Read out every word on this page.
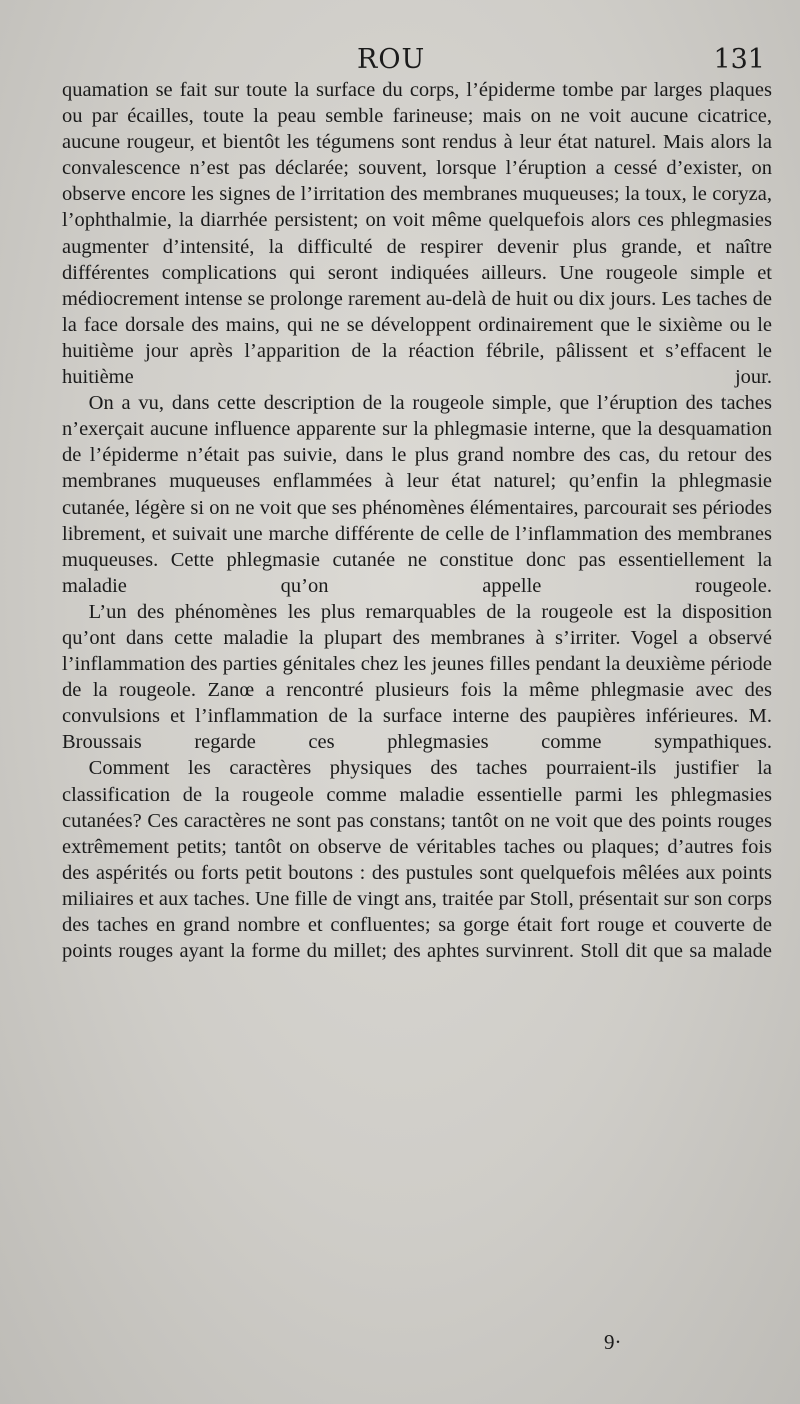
ROU	131

quamation se fait sur toute la surface du corps, l’épiderme tombe par larges plaques ou par écailles, toute la peau semble farineuse; mais on ne voit aucune cicatrice, aucune rougeur, et bientôt les tégumens sont rendus à leur état naturel. Mais alors la convalescence n’est pas déclarée; souvent, lorsque l’éruption a cessé d’exister, on observe encore les signes de l’irritation des membranes muqueuses; la toux, le coryza, l’ophthalmie, la diarrhée persistent; on voit même quelquefois alors ces phlegmasies augmenter d’intensité, la difficulté de respirer devenir plus grande, et naître différentes complications qui seront indiquées ailleurs. Une rougeole simple et médiocrement intense se prolonge rarement au-delà de huit ou dix jours. Les taches de la face dorsale des mains, qui ne se développent ordinairement que le sixième ou le huitième jour après l’apparition de la réaction fébrile, pâlissent et s’effacent le huitième jour.

On a vu, dans cette description de la rougeole simple, que l’éruption des taches n’exerçait aucune influence apparente sur la phlegmasie interne, que la desquamation de l’épiderme n’était pas suivie, dans le plus grand nombre des cas, du retour des membranes muqueuses enflammées à leur état naturel; qu’enfin la phlegmasie cutanée, légère si on ne voit que ses phénomènes élémentaires, parcourait ses périodes librement, et suivait une marche différente de celle de l’inflammation des membranes muqueuses. Cette phlegmasie cutanée ne constitue donc pas essentiellement la maladie qu’on appelle rougeole.

L’un des phénomènes les plus remarquables de la rougeole est la disposition qu’ont dans cette maladie la plupart des membranes à s’irriter. Vogel a observé l’inflammation des parties génitales chez les jeunes filles pendant la deuxième période de la rougeole. Zanœ a rencontré plusieurs fois la même phlegmasie avec des convulsions et l’inflammation de la surface interne des paupières inférieures. M. Broussais regarde ces phlegmasies comme sympathiques.

Comment les caractères physiques des taches pourraient-ils justifier la classification de la rougeole comme maladie essentielle parmi les phlegmasies cutanées? Ces caractères ne sont pas constans; tantôt on ne voit que des points rouges extrêmement petits; tantôt on observe de véritables taches ou plaques; d’autres fois des aspérités ou forts petit boutons : des pustules sont quelquefois mêlées aux points miliaires et aux taches. Une fille de vingt ans, traitée par Stoll, présentait sur son corps des taches en grand nombre et confluentes; sa gorge était fort rouge et couverte de points rouges ayant la forme du millet; des aphtes survinrent. Stoll dit que sa malade

9·
